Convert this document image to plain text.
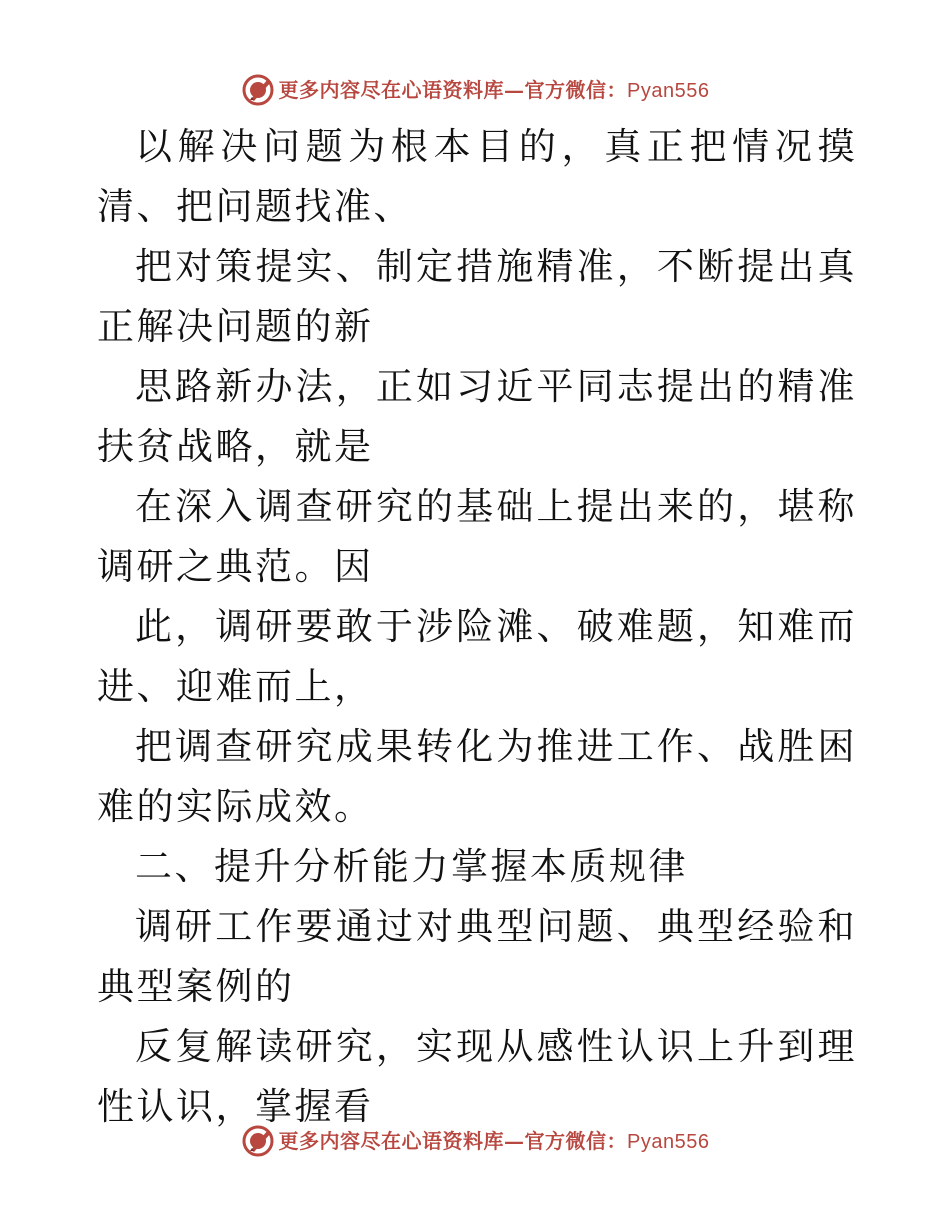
更多内容尽在心语资料库—官方微信：Pyan556

以解决问题为根本目的，真正把情况摸清、把问题找准、

把对策提实、制定措施精准，不断提出真正解决问题的新

思路新办法，正如习近平同志提出的精准扶贫战略，就是

在深入调查研究的基础上提出来的，堪称调研之典范。因

此，调研要敢于涉险滩、破难题，知难而进、迎难而上，

把调查研究成果转化为推进工作、战胜困难的实际成效。

二、提升分析能力掌握本质规律

调研工作要通过对典型问题、典型经验和典型案例的

反复解读研究，实现从感性认识上升到理性认识，掌握看

更多内容尽在心语资料库—官方微信：Pyan556
